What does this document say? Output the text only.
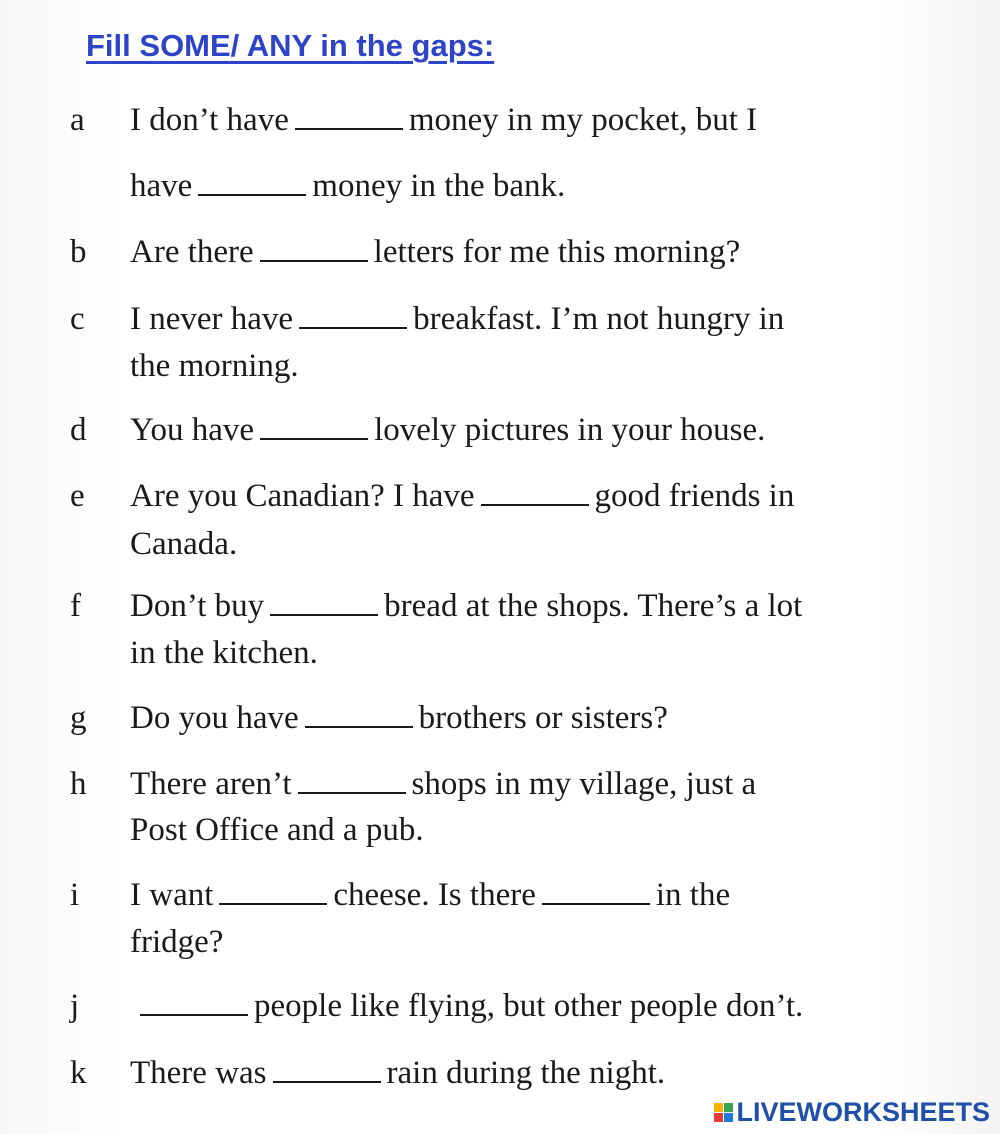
Fill SOME/ ANY in the gaps:
a	I don’t have	money in my pocket, but I
have	money in the bank.
b	Are there	letters for me this morning?
c	I never have	breakfast. I’m not hungry in
the morning.
d	You have	lovely pictures in your house.
e	Are you Canadian? I have	good friends in
Canada.
f	Don’t buy	bread at the shops. There’s a lot
in the kitchen.
g	Do you have	brothers or sisters?
h	There aren’t	shops in my village, just a
Post Office and a pub.
i	I want	cheese. Is there	in the
fridge?
j	people like flying, but other people don’t.
k	There was	rain during the night.
LIVEWORKSHEETS
